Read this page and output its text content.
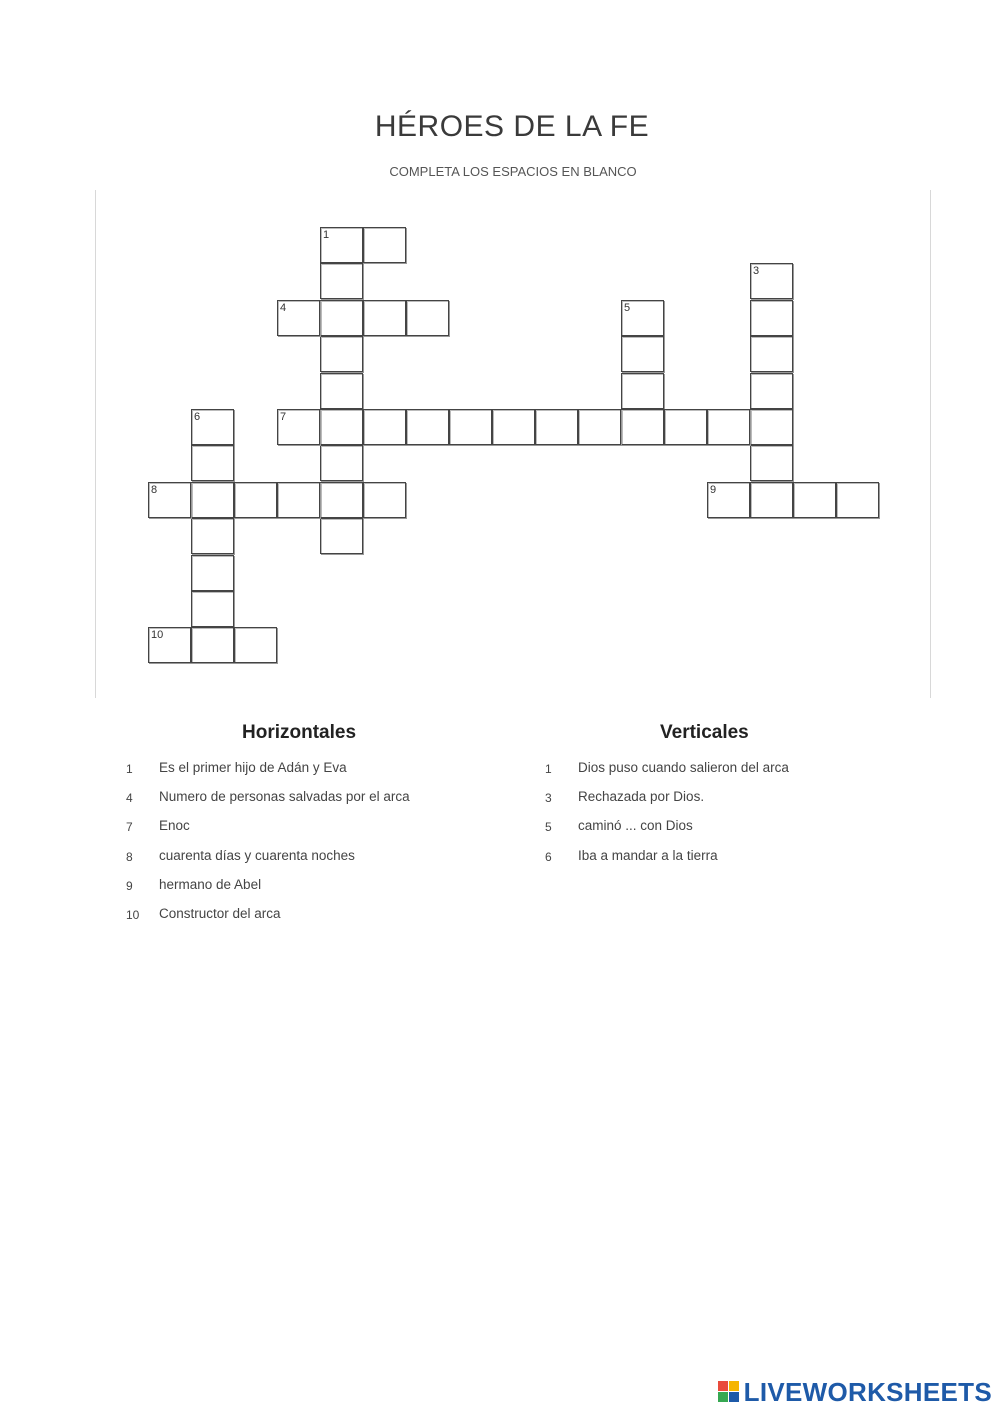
HÉROES DE LA FE
COMPLETA LOS ESPACIOS EN BLANCO
1
3
4	5
6	7
8	9
10
Horizontales	Verticales
1	Es el primer hijo de Adán y Eva
4	Numero de personas salvadas por el arca
7	Enoc
8	cuarenta días y cuarenta noches
9	hermano de Abel
10	Constructor del arca
1	Dios puso cuando salieron del arca
3	Rechazada por Dios.
5	caminó ... con Dios
6	Iba a mandar a la tierra
LIVEWORKSHEETS
